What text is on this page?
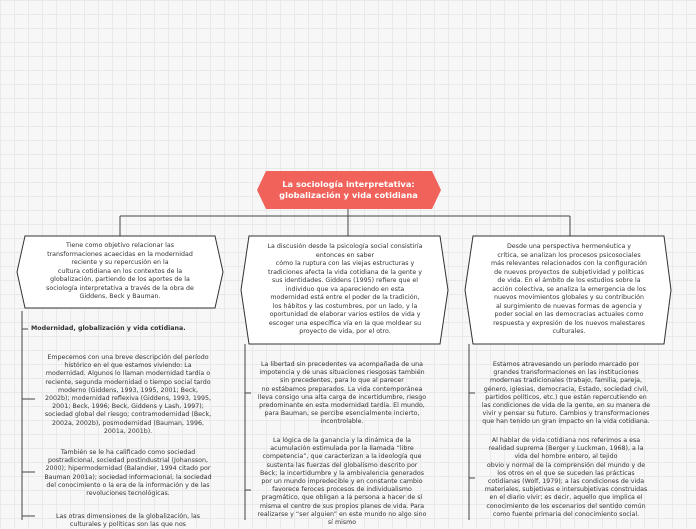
La sociología interpretativa:
globalización y vida cotidiana
Tiene como objetivo relacionar las
transformaciones acaecidas en la modernidad
reciente y su repercusión en la
cultura cotidiana en los contextos de la
globalización, partiendo de los aportes de la
sociología interpretativa a través de la obra de
Giddens, Beck y Bauman.
La discusión desde la psicología social consistiría
entonces en saber
cómo la ruptura con las viejas estructuras y
tradiciones afecta la vida cotidiana de la gente y
sus identidades. Giddens (1995) refiere que el
individuo que va apareciendo en esta
modernidad está entre el poder de la tradición,
los hábitos y las costumbres, por un lado, y la
oportunidad de elaborar varios estilos de vida y
escoger una específica vía en la que moldear su
proyecto de vida, por el otro.
Desde una perspectiva hermenéutica y
crítica, se analizan los procesos psicosociales
más relevantes relacionados con la configuración
de nuevos proyectos de subjetividad y políticas
de vida. En el ámbito de los estudios sobre la
acción colectiva, se analiza la emergencia de los
nuevos movimientos globales y su contribución
al surgimiento de nuevas formas de agencia y
poder social en las democracias actuales como
respuesta y expresión de los nuevos malestares
culturales.
Modernidad, globalización y vida cotidiana.
Empecemos con una breve descripción del período
histórico en el que estamos viviendo: La
modernidad. Algunos lo llaman modernidad tardía o
reciente, segunda modernidad o tiempo social tardo
moderno (Giddens, 1993, 1995, 2001; Beck,
2002b); modernidad reflexiva (Giddens, 1993, 1995,
2001; Beck, 1996; Beck, Giddens y Lash, 1997);
sociedad global del riesgo; contramodernidad (Beck,
2002a, 2002b), posmodernidad (Bauman, 1996,
2001a, 2001b).
También se le ha calificado como sociedad
postradicional, sociedad postindustrial (Johansson,
2000); hipermodernidad (Balandier, 1994 citado por
Bauman 2001a); sociedad informacional, la sociedad
del conocimiento o la era de la información y de las
revoluciones tecnológicas.
Las otras dimensiones de la globalización, las
culturales y políticas son las que nos
La libertad sin precedentes va acompañada de una
impotencia y de unas situaciones riesgosas también
sin precedentes, para lo que al parecer
no estábamos preparados. La vida contemporánea
lleva consigo una alta carga de incertidumbre, riesgo
predominante en esta modernidad tardía. El mundo,
para Bauman, se percibe esencialmente incierto,
incontrolable.
La lógica de la ganancia y la dinámica de la
acumulación estimulada por la llamada “libre
competencia”, que caracterizan a la ideología que
sustenta las fuerzas del globalismo descrito por
Beck; la incertidumbre y la ambivalencia generados
por un mundo impredecible y en constante cambio
favorece feroces procesos de individualismo
pragmático, que obligan a la persona a hacer de sí
misma el centro de sus propios planes de vida. Para
realizarse y “ser alguien” en este mundo no algo sino
sí mismo
Estamos atravesando un período marcado por
grandes transformaciones en las instituciones
modernas tradicionales (trabajo, familia, pareja,
género, iglesias, democracia, Estado, sociedad civil,
partidos políticos, etc.) que están repercutiendo en
las condiciones de vida de la gente, en su manera de
vivir y pensar su futuro. Cambios y transformaciones
que han tenido un gran impacto en la vida cotidiana.
Al hablar de vida cotidiana nos referimos a esa
realidad suprema (Berger y Luckman, 1968), a la
vida del hombre entero, al tejido
obvio y normal de la comprensión del mundo y de
los otros en el que se suceden las prácticas
cotidianas (Wolf, 1979); a las condiciones de vida
materiales, subjetivas e intersubjetivas construidas
en el diario vivir; es decir, aquello que implica el
conocimiento de los escenarios del sentido común
como fuente primaria del conocimiento social.
